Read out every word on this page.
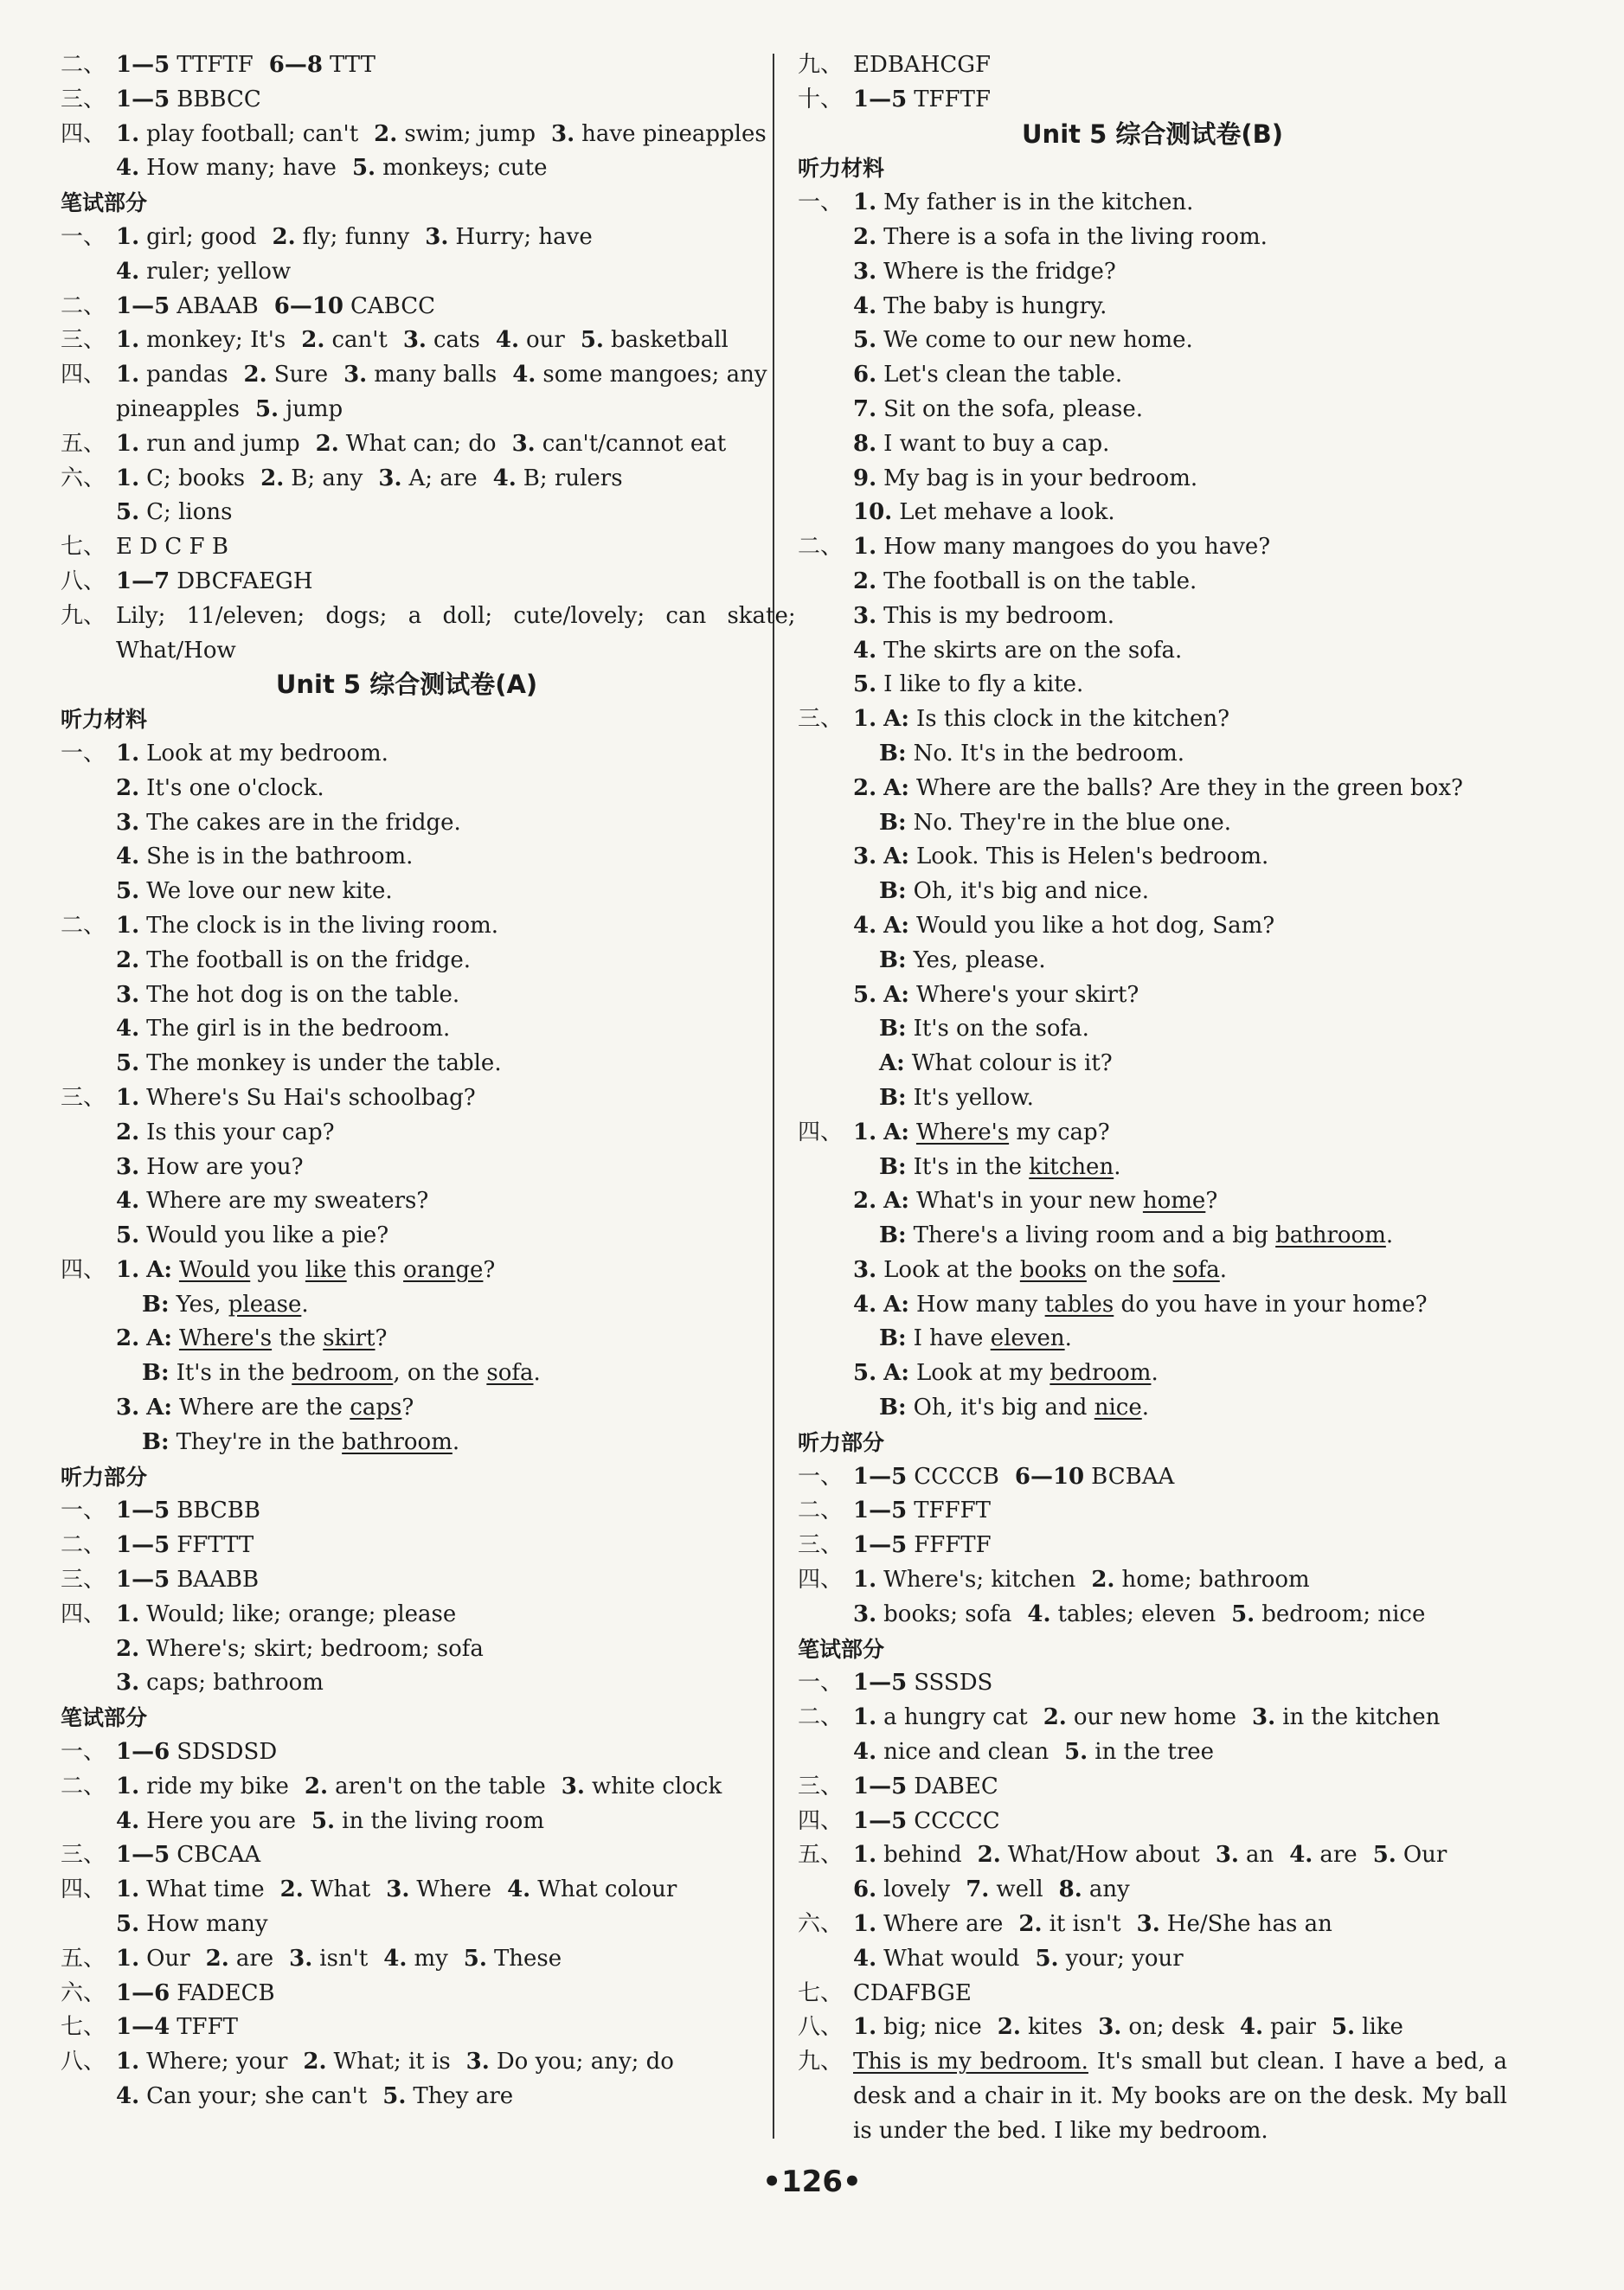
二、 1—5 TTFTF 6—8 TTT
三、 1—5 BBBCC
四、 1. play football; can't 2. swim; jump 3. have pineapples
4. How many; have 5. monkeys; cute
笔试部分
一、 1. girl; good 2. fly; funny 3. Hurry; have
4. ruler; yellow
二、 1—5 ABAAB 6—10 CABCC
三、 1. monkey; It's 2. can't 3. cats 4. our 5. basketball
四、 1. pandas 2. Sure 3. many balls 4. some mangoes; any
pineapples 5. jump
五、 1. run and jump 2. What can; do 3. can't/cannot eat
六、 1. C; books 2. B; any 3. A; are 4. B; rulers
5. C; lions
七、 E D C F B
八、 1—7 DBCFAEGH
九、 Lily; 11/eleven; dogs; a doll; cute/lovely; can skate;
What/How
Unit 5 综合测试卷(A)
听力材料
一、 1. Look at my bedroom.
2. It's one o'clock.
3. The cakes are in the fridge.
4. She is in the bathroom.
5. We love our new kite.
二、 1. The clock is in the living room.
2. The football is on the fridge.
3. The hot dog is on the table.
4. The girl is in the bedroom.
5. The monkey is under the table.
三、 1. Where's Su Hai's schoolbag?
2. Is this your cap?
3. How are you?
4. Where are my sweaters?
5. Would you like a pie?
四、 1. A: Would you like this orange?
B: Yes, please.
2. A: Where's the skirt?
B: It's in the bedroom, on the sofa.
3. A: Where are the caps?
B: They're in the bathroom.
听力部分
一、 1—5 BBCBB
二、 1—5 FFTTT
三、 1—5 BAABB
四、 1. Would; like; orange; please
2. Where's; skirt; bedroom; sofa
3. caps; bathroom
笔试部分
一、 1—6 SDSDSD
二、 1. ride my bike 2. aren't on the table 3. white clock
4. Here you are 5. in the living room
三、 1—5 CBCAA
四、 1. What time 2. What 3. Where 4. What colour
5. How many
五、 1. Our 2. are 3. isn't 4. my 5. These
六、 1—6 FADECB
七、 1—4 TFFT
八、 1. Where; your 2. What; it is 3. Do you; any; do
4. Can your; she can't 5. They are
九、 EDBAHCGF
十、 1—5 TFFTF
Unit 5 综合测试卷(B)
听力材料
一、 1. My father is in the kitchen.
2. There is a sofa in the living room.
3. Where is the fridge?
4. The baby is hungry.
5. We come to our new home.
6. Let's clean the table.
7. Sit on the sofa, please.
8. I want to buy a cap.
9. My bag is in your bedroom.
10. Let mehave a look.
二、 1. How many mangoes do you have?
2. The football is on the table.
3. This is my bedroom.
4. The skirts are on the sofa.
5. I like to fly a kite.
三、 1. A: Is this clock in the kitchen?
B: No. It's in the bedroom.
2. A: Where are the balls? Are they in the green box?
B: No. They're in the blue one.
3. A: Look. This is Helen's bedroom.
B: Oh, it's big and nice.
4. A: Would you like a hot dog, Sam?
B: Yes, please.
5. A: Where's your skirt?
B: It's on the sofa.
A: What colour is it?
B: It's yellow.
四、 1. A: Where's my cap?
B: It's in the kitchen.
2. A: What's in your new home?
B: There's a living room and a big bathroom.
3. Look at the books on the sofa.
4. A: How many tables do you have in your home?
B: I have eleven.
5. A: Look at my bedroom.
B: Oh, it's big and nice.
听力部分
一、 1—5 CCCCB 6—10 BCBAA
二、 1—5 TFFFT
三、 1—5 FFFTF
四、 1. Where's; kitchen 2. home; bathroom
3. books; sofa 4. tables; eleven 5. bedroom; nice
笔试部分
一、 1—5 SSSDS
二、 1. a hungry cat 2. our new home 3. in the kitchen
4. nice and clean 5. in the tree
三、 1—5 DABEC
四、 1—5 CCCCC
五、 1. behind 2. What/How about 3. an 4. are 5. Our
6. lovely 7. well 8. any
六、 1. Where are 2. it isn't 3. He/She has an
4. What would 5. your; your
七、 CDAFBGE
八、 1. big; nice 2. kites 3. on; desk 4. pair 5. like
九、 This is my bedroom. It's small but clean. I have a bed, a desk and a chair in it. My books are on the desk. My ball is under the bed. I like my bedroom.
•126•
